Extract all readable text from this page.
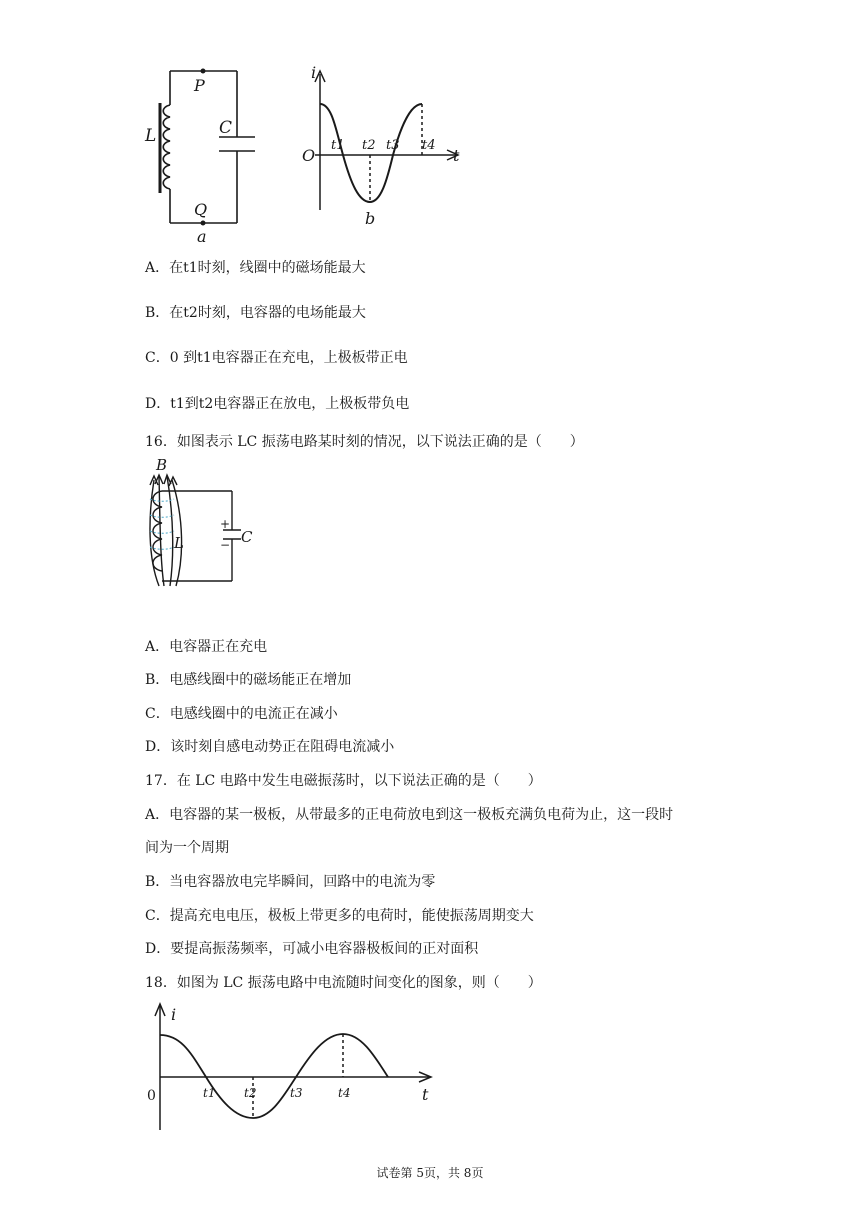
L	C
P
Q
a
i
O	t
t1 t2 t3 t4
b
A．在t1时刻，线圈中的磁场能最大
B．在t2时刻，电容器的电场能最大
C．0 到t1电容器正在充电，上极板带正电
D．t1到t2电容器正在放电，上极板带负电
16．如图表示 LC 振荡电路某时刻的情况，以下说法正确的是（　　）
+
−
B
L	C
A．电容器正在充电
B．电感线圈中的磁场能正在增加
C．电感线圈中的电流正在减小
D．该时刻自感电动势正在阻碍电流减小
17．在 LC 电路中发生电磁振荡时，以下说法正确的是（　　）
A．电容器的某一极板，从带最多的正电荷放电到这一极板充满负电荷为止，这一段时
间为一个周期
B．当电容器放电完毕瞬间，回路中的电流为零
C．提高充电电压，极板上带更多的电荷时，能使振荡周期变大
D．要提高振荡频率，可减小电容器极板间的正对面积
18．如图为 LC 振荡电路中电流随时间变化的图象，则（　　）
i
0	t
t1 t2	t3	t4
试卷第 5页，共 8页
